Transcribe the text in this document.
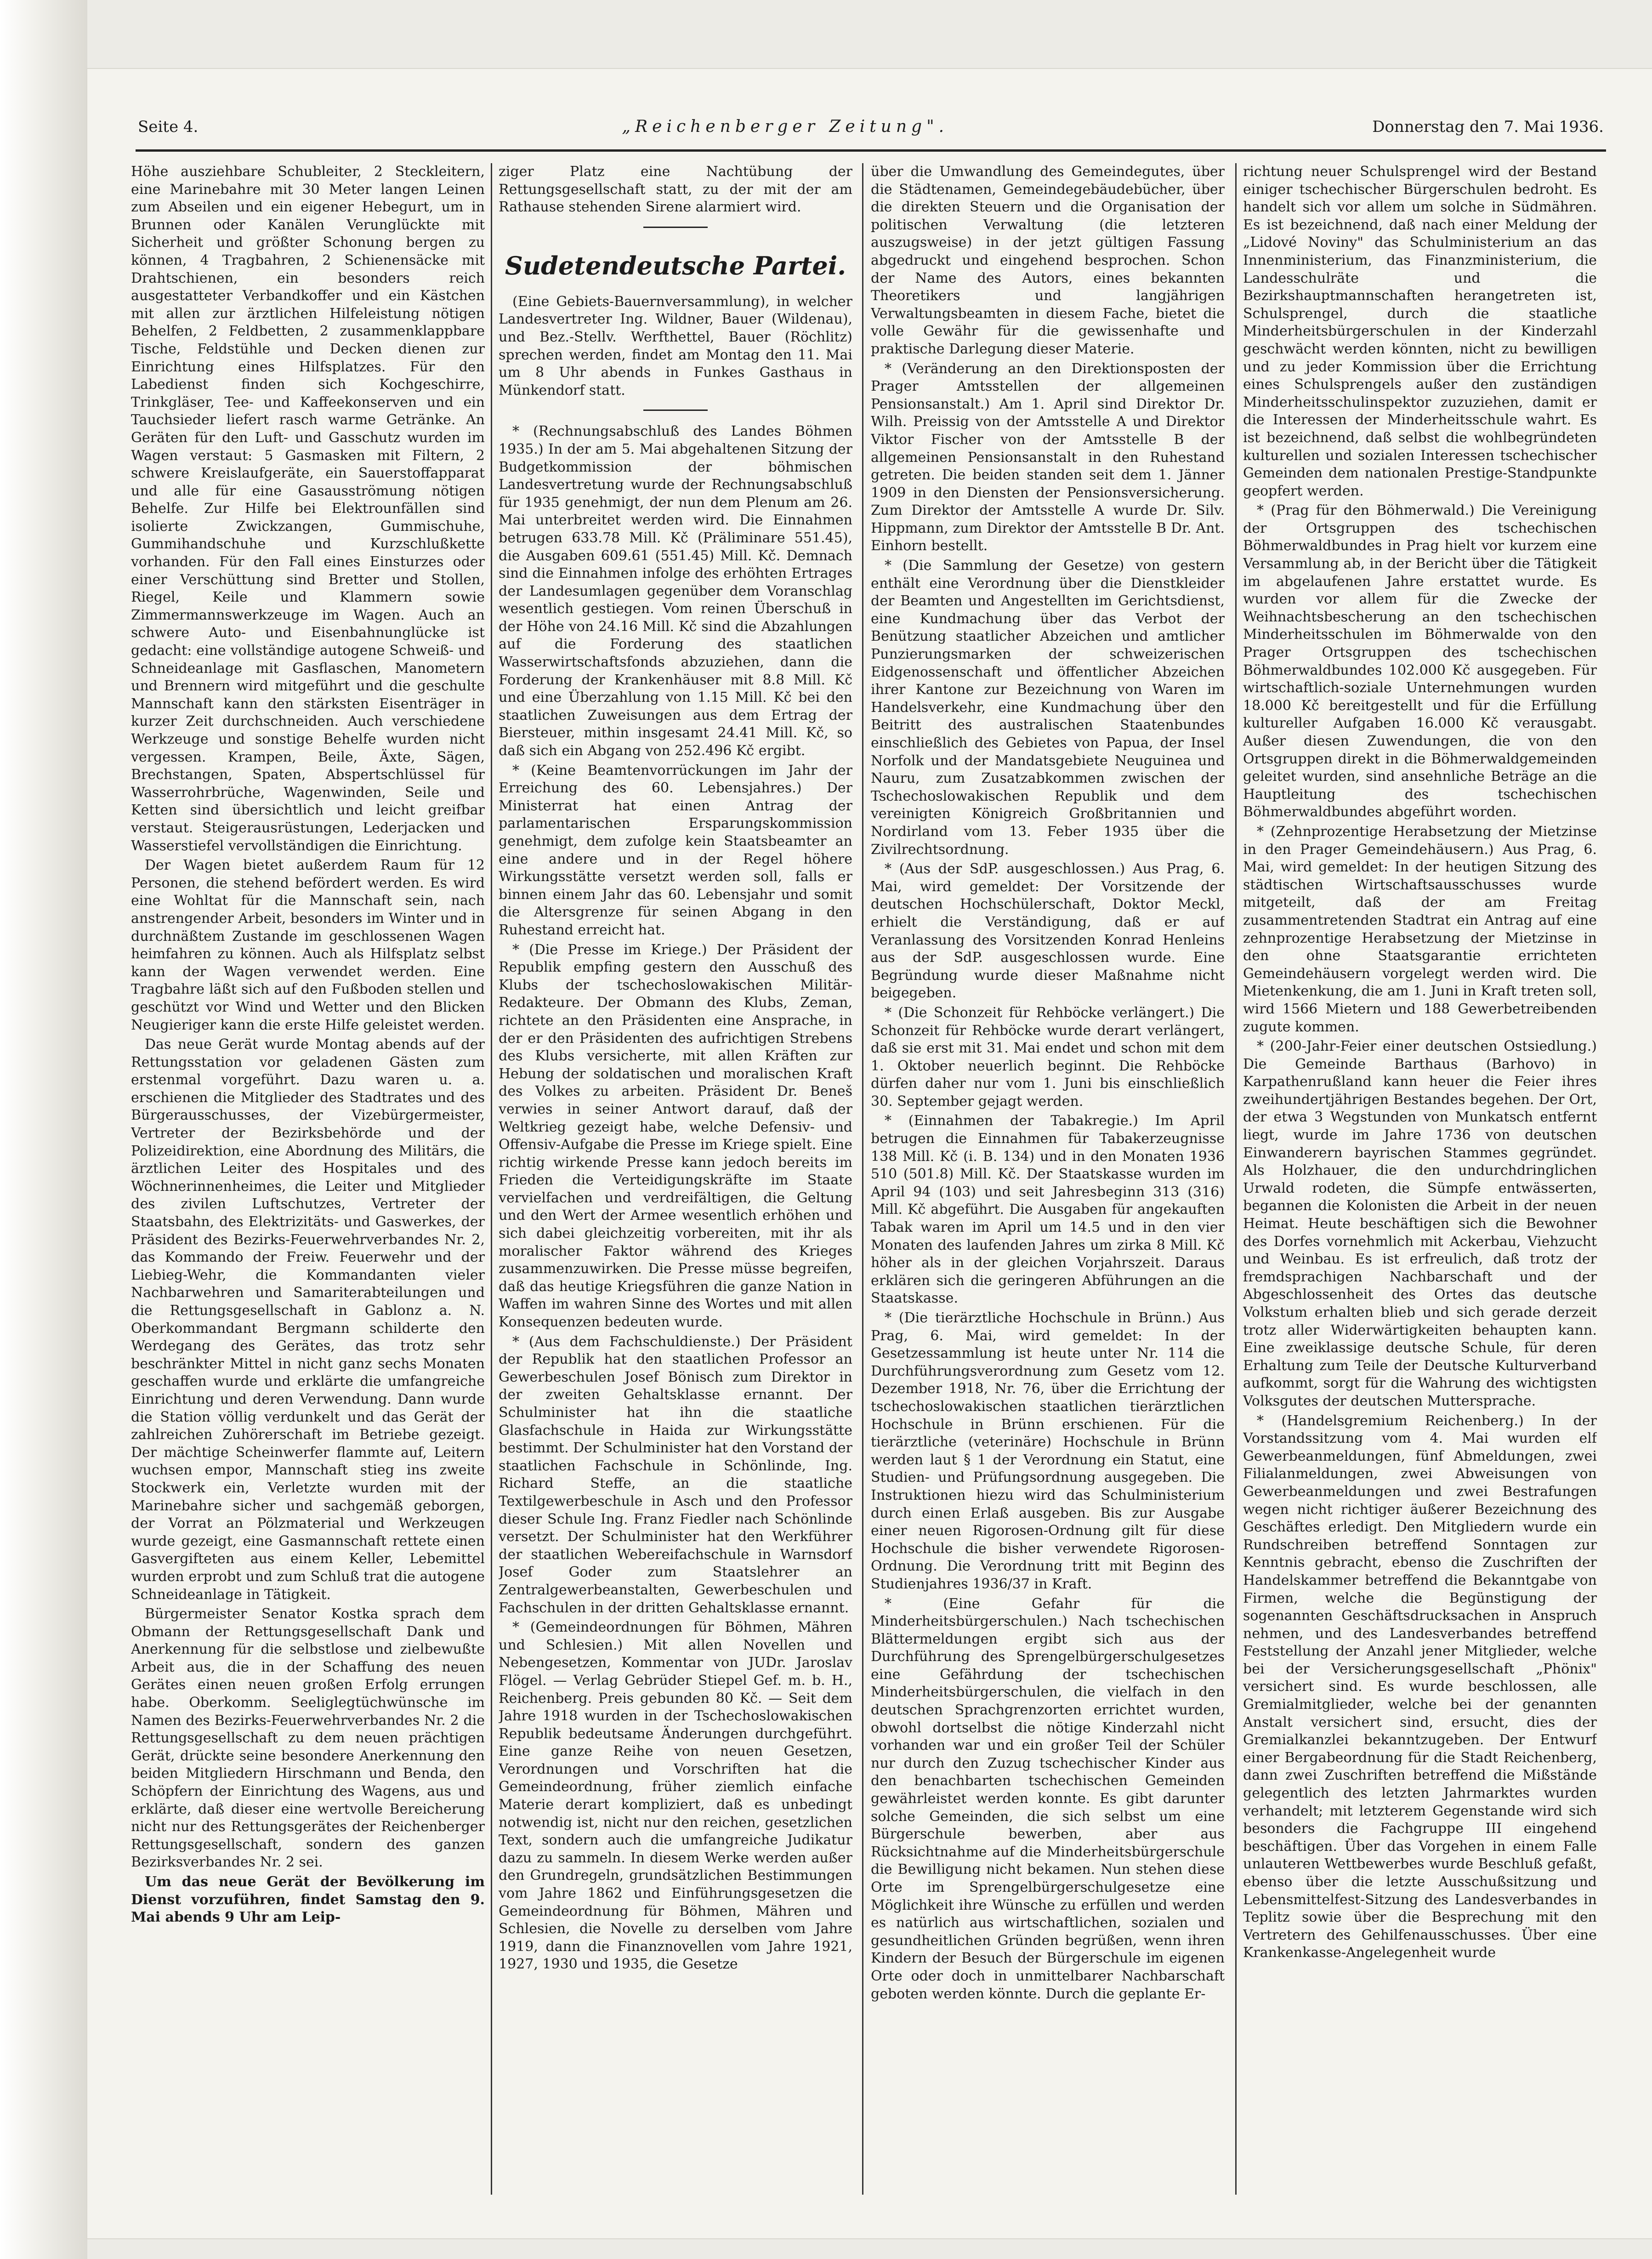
Seite 4.	„Reichenberger Zeitung".	Donnerstag den 7. Mai 1936.

Höhe ausziehbare Schubleiter, 2 Steckleitern, eine Marinebahre mit 30 Meter langen Leinen zum Abseilen und ein eigener Hebegurt, um in Brunnen oder Kanälen Verunglückte mit Sicherheit und größter Schonung bergen zu können, 4 Tragbahren, 2 Schienensäcke mit Drahtschienen, ein besonders reich ausgestatteter Verbandkoffer und ein Kästchen mit allen zur ärztlichen Hilfeleistung nötigen Behelfen, 2 Feldbetten, 2 zusammenklappbare Tische, Feldstühle und Decken dienen zur Einrichtung eines Hilfsplatzes. Für den Labedienst finden sich Kochgeschirre, Trinkgläser, Tee- und Kaffeekonserven und ein Tauchsieder liefert rasch warme Getränke. An Geräten für den Luft- und Gasschutz wurden im Wagen verstaut: 5 Gasmasken mit Filtern, 2 schwere Kreislaufgeräte, ein Sauerstoffapparat und alle für eine Gasausströmung nötigen Behelfe. Zur Hilfe bei Elektrounfällen sind isolierte Zwickzangen, Gummischuhe, Gummihandschuhe und Kurzschlußkette vorhanden. Für den Fall eines Einsturzes oder einer Verschüttung sind Bretter und Stollen, Riegel, Keile und Klammern sowie Zimmermannswerkzeuge im Wagen. Auch an schwere Auto- und Eisenbahnunglücke ist gedacht: eine vollständige autogene Schweiß- und Schneideanlage mit Gasflaschen, Manometern und Brennern wird mitgeführt und die geschulte Mannschaft kann den stärksten Eisenträger in kurzer Zeit durchschneiden. Auch verschiedene Werkzeuge und sonstige Behelfe wurden nicht vergessen. Krampen, Beile, Äxte, Sägen, Brechstangen, Spaten, Abspertschlüssel für Wasserrohrbrüche, Wagenwinden, Seile und Ketten sind übersichtlich und leicht greifbar verstaut. Steigerausrüstungen, Lederjacken und Wasserstiefel vervollständigen die Einrichtung.

Der Wagen bietet außerdem Raum für 12 Personen, die stehend befördert werden. Es wird eine Wohltat für die Mannschaft sein, nach anstrengender Arbeit, besonders im Winter und in durchnäßtem Zustande im geschlossenen Wagen heimfahren zu können. Auch als Hilfsplatz selbst kann der Wagen verwendet werden. Eine Tragbahre läßt sich auf den Fußboden stellen und geschützt vor Wind und Wetter und den Blicken Neugieriger kann die erste Hilfe geleistet werden.

Das neue Gerät wurde Montag abends auf der Rettungsstation vor geladenen Gästen zum erstenmal vorgeführt. Dazu waren u. a. erschienen die Mitglieder des Stadtrates und des Bürgerausschusses, der Vizebürgermeister, Vertreter der Bezirksbehörde und der Polizeidirektion, eine Abordnung des Militärs, die ärztlichen Leiter des Hospitales und des Wöchnerinnenheimes, die Leiter und Mitglieder des zivilen Luftschutzes, Vertreter der Staatsbahn, des Elektrizitäts- und Gaswerkes, der Präsident des Bezirks-Feuerwehrverbandes Nr. 2, das Kommando der Freiw. Feuerwehr und der Liebieg-Wehr, die Kommandanten vieler Nachbarwehren und Samariterabteilungen und die Rettungsgesellschaft in Gablonz a. N. Oberkommandant Bergmann schilderte den Werdegang des Gerätes, das trotz sehr beschränkter Mittel in nicht ganz sechs Monaten geschaffen wurde und erklärte die umfangreiche Einrichtung und deren Verwendung. Dann wurde die Station völlig verdunkelt und das Gerät der zahlreichen Zuhörerschaft im Betriebe gezeigt. Der mächtige Scheinwerfer flammte auf, Leitern wuchsen empor, Mannschaft stieg ins zweite Stockwerk ein, Verletzte wurden mit der Marinebahre sicher und sachgemäß geborgen, der Vorrat an Pölzmaterial und Werkzeugen wurde gezeigt, eine Gasmannschaft rettete einen Gasvergifteten aus einem Keller, Lebemittel wurden erprobt und zum Schluß trat die autogene Schneideanlage in Tätigkeit.

Bürgermeister Senator Kostka sprach dem Obmann der Rettungsgesellschaft Dank und Anerkennung für die selbstlose und zielbewußte Arbeit aus, die in der Schaffung des neuen Gerätes einen neuen großen Erfolg errungen habe. Oberkomm. Seeliglegtüchwünsche im Namen des Bezirks-Feuerwehrverbandes Nr. 2 die Rettungsgesellschaft zu dem neuen prächtigen Gerät, drückte seine besondere Anerkennung den beiden Mitgliedern Hirschmann und Benda, den Schöpfern der Einrichtung des Wagens, aus und erklärte, daß dieser eine wertvolle Bereicherung nicht nur des Rettungsgerätes der Reichenberger Rettungsgesellschaft, sondern des ganzen Bezirksverbandes Nr. 2 sei.

Um das neue Gerät der Bevölkerung im Dienst vorzuführen, findet Samstag den 9. Mai abends 9 Uhr am Leip-

ziger Platz eine Nachtübung der Rettungsgesellschaft statt, zu der mit der am Rathause stehenden Sirene alarmiert wird.

Sudetendeutsche Partei.

(Eine Gebiets-Bauernversammlung), in welcher Landesvertreter Ing. Wildner, Bauer (Wildenau), und Bez.-Stellv. Werfthettel, Bauer (Röchlitz) sprechen werden, findet am Montag den 11. Mai um 8 Uhr abends in Funkes Gasthaus in Münkendorf statt.

* (Rechnungsabschluß des Landes Böhmen 1935.) In der am 5. Mai abgehaltenen Sitzung der Budgetkommission der böhmischen Landesvertretung wurde der Rechnungsabschluß für 1935 genehmigt, der nun dem Plenum am 26. Mai unterbreitet werden wird. Die Einnahmen betrugen 633.78 Mill. Kč (Präliminare 551.45), die Ausgaben 609.61 (551.45) Mill. Kč. Demnach sind die Einnahmen infolge des erhöhten Ertrages der Landesumlagen gegenüber dem Voranschlag wesentlich gestiegen. Vom reinen Überschuß in der Höhe von 24.16 Mill. Kč sind die Abzahlungen auf die Forderung des staatlichen Wasserwirtschaftsfonds abzuziehen, dann die Forderung der Krankenhäuser mit 8.8 Mill. Kč und eine Überzahlung von 1.15 Mill. Kč bei den staatlichen Zuweisungen aus dem Ertrag der Biersteuer, mithin insgesamt 24.41 Mill. Kč, so daß sich ein Abgang von 252.496 Kč ergibt.

* (Keine Beamtenvorrückungen im Jahr der Erreichung des 60. Lebensjahres.) Der Ministerrat hat einen Antrag der parlamentarischen Ersparungskommission genehmigt, dem zufolge kein Staatsbeamter an eine andere und in der Regel höhere Wirkungsstätte versetzt werden soll, falls er binnen einem Jahr das 60. Lebensjahr und somit die Altersgrenze für seinen Abgang in den Ruhestand erreicht hat.

* (Die Presse im Kriege.) Der Präsident der Republik empfing gestern den Ausschuß des Klubs der tschechoslowakischen Militär-Redakteure. Der Obmann des Klubs, Zeman, richtete an den Präsidenten eine Ansprache, in der er den Präsidenten des aufrichtigen Strebens des Klubs versicherte, mit allen Kräften zur Hebung der soldatischen und moralischen Kraft des Volkes zu arbeiten. Präsident Dr. Beneš verwies in seiner Antwort darauf, daß der Weltkrieg gezeigt habe, welche Defensiv- und Offensiv-Aufgabe die Presse im Kriege spielt. Eine richtig wirkende Presse kann jedoch bereits im Frieden die Verteidigungskräfte im Staate vervielfachen und verdreifältigen, die Geltung und den Wert der Armee wesentlich erhöhen und sich dabei gleichzeitig vorbereiten, mit ihr als moralischer Faktor während des Krieges zusammenzuwirken. Die Presse müsse begreifen, daß das heutige Kriegsführen die ganze Nation in Waffen im wahren Sinne des Wortes und mit allen Konsequenzen bedeuten wurde.

* (Aus dem Fachschuldienste.) Der Präsident der Republik hat den staatlichen Professor an Gewerbeschulen Josef Bönisch zum Direktor in der zweiten Gehaltsklasse ernannt. Der Schulminister hat ihn die staatliche Glasfachschule in Haida zur Wirkungsstätte bestimmt. Der Schulminister hat den Vorstand der staatlichen Fachschule in Schönlinde, Ing. Richard Steffe, an die staatliche Textilgewerbeschule in Asch und den Professor dieser Schule Ing. Franz Fiedler nach Schönlinde versetzt. Der Schulminister hat den Werkführer der staatlichen Webereifachschule in Warnsdorf Josef Goder zum Staatslehrer an Zentralgewerbeanstalten, Gewerbeschulen und Fachschulen in der dritten Gehaltsklasse ernannt.

* (Gemeindeordnungen für Böhmen, Mähren und Schlesien.) Mit allen Novellen und Nebengesetzen, Kommentar von JUDr. Jaroslav Flögel. — Verlag Gebrüder Stiepel Gef. m. b. H., Reichenberg. Preis gebunden 80 Kč. — Seit dem Jahre 1918 wurden in der Tschechoslowakischen Republik bedeutsame Änderungen durchgeführt. Eine ganze Reihe von neuen Gesetzen, Verordnungen und Vorschriften hat die Gemeindeordnung, früher ziemlich einfache Materie derart kompliziert, daß es unbedingt notwendig ist, nicht nur den reichen, gesetzlichen Text, sondern auch die umfangreiche Judikatur dazu zu sammeln. In diesem Werke werden außer den Grundregeln, grundsätzlichen Bestimmungen vom Jahre 1862 und Einführungsgesetzen die Gemeindeordnung für Böhmen, Mähren und Schlesien, die Novelle zu derselben vom Jahre 1919, dann die Finanznovellen vom Jahre 1921, 1927, 1930 und 1935, die Gesetze

über die Umwandlung des Gemeindegutes, über die Städtenamen, Gemeindegebäudebücher, über die direkten Steuern und die Organisation der politischen Verwaltung (die letzteren auszugsweise) in der jetzt gültigen Fassung abgedruckt und eingehend besprochen. Schon der Name des Autors, eines bekannten Theoretikers und langjährigen Verwaltungsbeamten in diesem Fache, bietet die volle Gewähr für die gewissenhafte und praktische Darlegung dieser Materie.

* (Veränderung an den Direktionsposten der Prager Amtsstellen der allgemeinen Pensionsanstalt.) Am 1. April sind Direktor Dr. Wilh. Preissig von der Amtsstelle A und Direktor Viktor Fischer von der Amtsstelle B der allgemeinen Pensionsanstalt in den Ruhestand getreten. Die beiden standen seit dem 1. Jänner 1909 in den Diensten der Pensionsversicherung. Zum Direktor der Amtsstelle A wurde Dr. Silv. Hippmann, zum Direktor der Amtsstelle B Dr. Ant. Einhorn bestellt.

* (Die Sammlung der Gesetze) von gestern enthält eine Verordnung über die Dienstkleider der Beamten und Angestellten im Gerichtsdienst, eine Kundmachung über das Verbot der Benützung staatlicher Abzeichen und amtlicher Punzierungsmarken der schweizerischen Eidgenossenschaft und öffentlicher Abzeichen ihrer Kantone zur Bezeichnung von Waren im Handelsverkehr, eine Kundmachung über den Beitritt des australischen Staatenbundes einschließlich des Gebietes von Papua, der Insel Norfolk und der Mandatsgebiete Neuguinea und Nauru, zum Zusatzabkommen zwischen der Tschechoslowakischen Republik und dem vereinigten Königreich Großbritannien und Nordirland vom 13. Feber 1935 über die Zivilrechtsordnung.

* (Aus der SdP. ausgeschlossen.) Aus Prag, 6. Mai, wird gemeldet: Der Vorsitzende der deutschen Hochschülerschaft, Doktor Meckl, erhielt die Verständigung, daß er auf Veranlassung des Vorsitzenden Konrad Henleins aus der SdP. ausgeschlossen wurde. Eine Begründung wurde dieser Maßnahme nicht beigegeben.

* (Die Schonzeit für Rehböcke verlängert.) Die Schonzeit für Rehböcke wurde derart verlängert, daß sie erst mit 31. Mai endet und schon mit dem 1. Oktober neuerlich beginnt. Die Rehböcke dürfen daher nur vom 1. Juni bis einschließlich 30. September gejagt werden.

* (Einnahmen der Tabakregie.) Im April betrugen die Einnahmen für Tabakerzeugnisse 138 Mill. Kč (i. B. 134) und in den Monaten 1936 510 (501.8) Mill. Kč. Der Staatskasse wurden im April 94 (103) und seit Jahresbeginn 313 (316) Mill. Kč abgeführt. Die Ausgaben für angekauften Tabak waren im April um 14.5 und in den vier Monaten des laufenden Jahres um zirka 8 Mill. Kč höher als in der gleichen Vorjahrszeit. Daraus erklären sich die geringeren Abführungen an die Staatskasse.

* (Die tierärztliche Hochschule in Brünn.) Aus Prag, 6. Mai, wird gemeldet: In der Gesetzessammlung ist heute unter Nr. 114 die Durchführungsverordnung zum Gesetz vom 12. Dezember 1918, Nr. 76, über die Errichtung der tschechoslowakischen staatlichen tierärztlichen Hochschule in Brünn erschienen. Für die tierärztliche (veterinäre) Hochschule in Brünn werden laut § 1 der Verordnung ein Statut, eine Studien- und Prüfungsordnung ausgegeben. Die Instruktionen hiezu wird das Schulministerium durch einen Erlaß ausgeben. Bis zur Ausgabe einer neuen Rigorosen-Ordnung gilt für diese Hochschule die bisher verwendete Rigorosen-Ordnung. Die Verordnung tritt mit Beginn des Studienjahres 1936/37 in Kraft.

* (Eine Gefahr für die Minderheitsbürgerschulen.) Nach tschechischen Blättermeldungen ergibt sich aus der Durchführung des Sprengelbürgerschulgesetzes eine Gefährdung der tschechischen Minderheitsbürgerschulen, die vielfach in den deutschen Sprachgrenzorten errichtet wurden, obwohl dortselbst die nötige Kinderzahl nicht vorhanden war und ein großer Teil der Schüler nur durch den Zuzug tschechischer Kinder aus den benachbarten tschechischen Gemeinden gewährleistet werden konnte. Es gibt darunter solche Gemeinden, die sich selbst um eine Bürgerschule bewerben, aber aus Rücksichtnahme auf die Minderheitsbürgerschule die Bewilligung nicht bekamen. Nun stehen diese Orte im Sprengelbürgerschulgesetze eine Möglichkeit ihre Wünsche zu erfüllen und werden es natürlich aus wirtschaftlichen, sozialen und gesundheitlichen Gründen begrüßen, wenn ihren Kindern der Besuch der Bürgerschule im eigenen Orte oder doch in unmittelbarer Nachbarschaft geboten werden könnte. Durch die geplante Er-

richtung neuer Schulsprengel wird der Bestand einiger tschechischer Bürgerschulen bedroht. Es handelt sich vor allem um solche in Südmähren. Es ist bezeichnend, daß nach einer Meldung der „Lidové Noviny" das Schulministerium an das Innenministerium, das Finanzministerium, die Landesschulräte und die Bezirkshauptmannschaften herangetreten ist, Schulsprengel, durch die staatliche Minderheitsbürgerschulen in der Kinderzahl geschwächt werden könnten, nicht zu bewilligen und zu jeder Kommission über die Errichtung eines Schulsprengels außer den zuständigen Minderheitsschulinspektor zuzuziehen, damit er die Interessen der Minderheitsschule wahrt. Es ist bezeichnend, daß selbst die wohlbegründeten kulturellen und sozialen Interessen tschechischer Gemeinden dem nationalen Prestige-Standpunkte geopfert werden.

* (Prag für den Böhmerwald.) Die Vereinigung der Ortsgruppen des tschechischen Böhmerwaldbundes in Prag hielt vor kurzem eine Versammlung ab, in der Bericht über die Tätigkeit im abgelaufenen Jahre erstattet wurde. Es wurden vor allem für die Zwecke der Weihnachtsbescherung an den tschechischen Minderheitsschulen im Böhmerwalde von den Prager Ortsgruppen des tschechischen Böhmerwaldbundes 102.000 Kč ausgegeben. Für wirtschaftlich-soziale Unternehmungen wurden 18.000 Kč bereitgestellt und für die Erfüllung kultureller Aufgaben 16.000 Kč verausgabt. Außer diesen Zuwendungen, die von den Ortsgruppen direkt in die Böhmerwaldgemeinden geleitet wurden, sind ansehnliche Beträge an die Hauptleitung des tschechischen Böhmerwaldbundes abgeführt worden.

* (Zehnprozentige Herabsetzung der Mietzinse in den Prager Gemeindehäusern.) Aus Prag, 6. Mai, wird gemeldet: In der heutigen Sitzung des städtischen Wirtschaftsausschusses wurde mitgeteilt, daß der am Freitag zusammentretenden Stadtrat ein Antrag auf eine zehnprozentige Herabsetzung der Mietzinse in den ohne Staatsgarantie errichteten Gemeindehäusern vorgelegt werden wird. Die Mietenkenkung, die am 1. Juni in Kraft treten soll, wird 1566 Mietern und 188 Gewerbetreibenden zugute kommen.

* (200-Jahr-Feier einer deutschen Ostsiedlung.) Die Gemeinde Barthaus (Barhovo) in Karpathenrußland kann heuer die Feier ihres zweihundertjährigen Bestandes begehen. Der Ort, der etwa 3 Wegstunden von Munkatsch entfernt liegt, wurde im Jahre 1736 von deutschen Einwanderern bayrischen Stammes gegründet. Als Holzhauer, die den undurchdringlichen Urwald rodeten, die Sümpfe entwässerten, begannen die Kolonisten die Arbeit in der neuen Heimat. Heute beschäftigen sich die Bewohner des Dorfes vornehmlich mit Ackerbau, Viehzucht und Weinbau. Es ist erfreulich, daß trotz der fremdsprachigen Nachbarschaft und der Abgeschlossenheit des Ortes das deutsche Volkstum erhalten blieb und sich gerade derzeit trotz aller Widerwärtigkeiten behaupten kann. Eine zweiklassige deutsche Schule, für deren Erhaltung zum Teile der Deutsche Kulturverband aufkommt, sorgt für die Wahrung des wichtigsten Volksgutes der deutschen Muttersprache.

* (Handelsgremium Reichenberg.) In der Vorstandssitzung vom 4. Mai wurden elf Gewerbeanmeldungen, fünf Abmeldungen, zwei Filialanmeldungen, zwei Abweisungen von Gewerbeanmeldungen und zwei Bestrafungen wegen nicht richtiger äußerer Bezeichnung des Geschäftes erledigt. Den Mitgliedern wurde ein Rundschreiben betreffend Sonntagen zur Kenntnis gebracht, ebenso die Zuschriften der Handelskammer betreffend die Bekanntgabe von Firmen, welche die Begünstigung der sogenannten Geschäftsdrucksachen in Anspruch nehmen, und des Landesverbandes betreffend Feststellung der Anzahl jener Mitglieder, welche bei der Versicherungsgesellschaft „Phönix" versichert sind. Es wurde beschlossen, alle Gremialmitglieder, welche bei der genannten Anstalt versichert sind, ersucht, dies der Gremialkanzlei bekanntzugeben. Der Entwurf einer Bergabeordnung für die Stadt Reichenberg, dann zwei Zuschriften betreffend die Mißstände gelegentlich des letzten Jahrmarktes wurden verhandelt; mit letzterem Gegenstande wird sich besonders die Fachgruppe III eingehend beschäftigen. Über das Vorgehen in einem Falle unlauteren Wettbewerbes wurde Beschluß gefaßt, ebenso über die letzte Ausschußsitzung und Lebensmittelfest-Sitzung des Landesverbandes in Teplitz sowie über die Besprechung mit den Vertretern des Gehilfenausschusses. Über eine Krankenkasse-Angelegenheit wurde
